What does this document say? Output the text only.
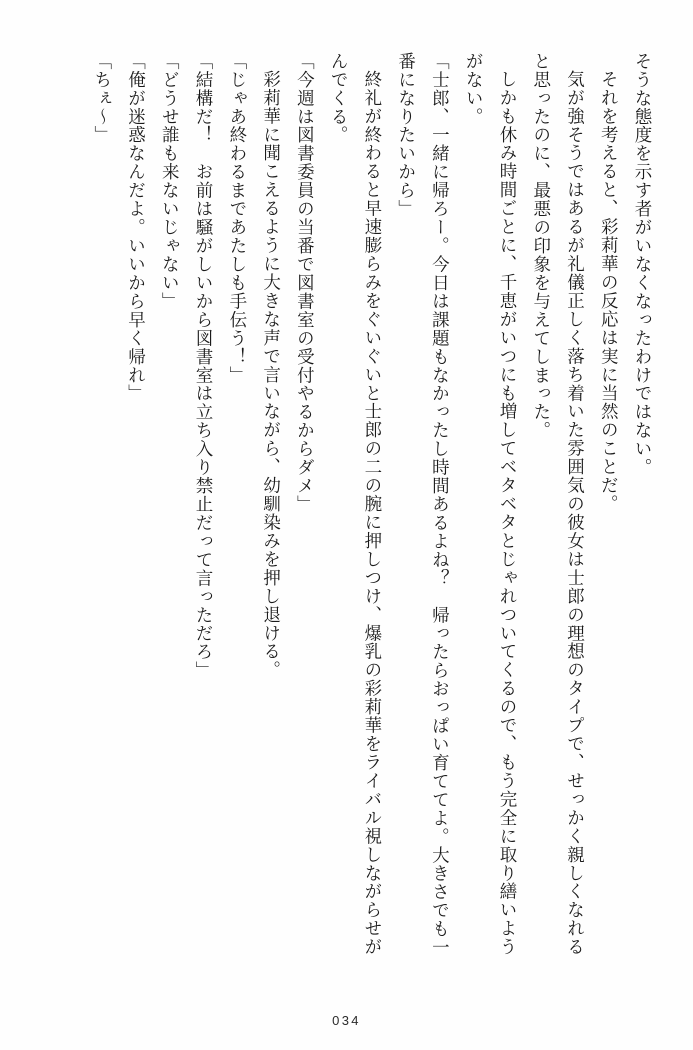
そうな態度を示す者がいなくなったわけではない。

それを考えると、彩莉華の反応は実に当然のことだ。

気が強そうではあるが礼儀正しく落ち着いた雰囲気の彼女は士郎の理想のタイプで、せっかく親しくなれると思ったのに、最悪の印象を与えてしまった。

しかも休み時間ごとに、千恵がいつにも増してベタベタとじゃれついてくるので、もう完全に取り繕いようがない。

「士郎、一緒に帰ろー。今日は課題もなかったし時間あるよね？　帰ったらおっぱい育ててよ。大きさでも一番になりたいから」

終礼が終わると早速膨らみをぐいぐいと士郎の二の腕に押しつけ、爆乳の彩莉華をライバル視しながらせがんでくる。

「今週は図書委員の当番で図書室の受付やるからダメ」

彩莉華に聞こえるように大きな声で言いながら、幼馴染みを押し退ける。

「じゃあ終わるまであたしも手伝う！」

「結構だ！　お前は騒がしいから図書室は立ち入り禁止だって言っただろ」

「どうせ誰も来ないじゃない」

「俺が迷惑なんだよ。いいから早く帰れ」

「ちぇ～」

034
